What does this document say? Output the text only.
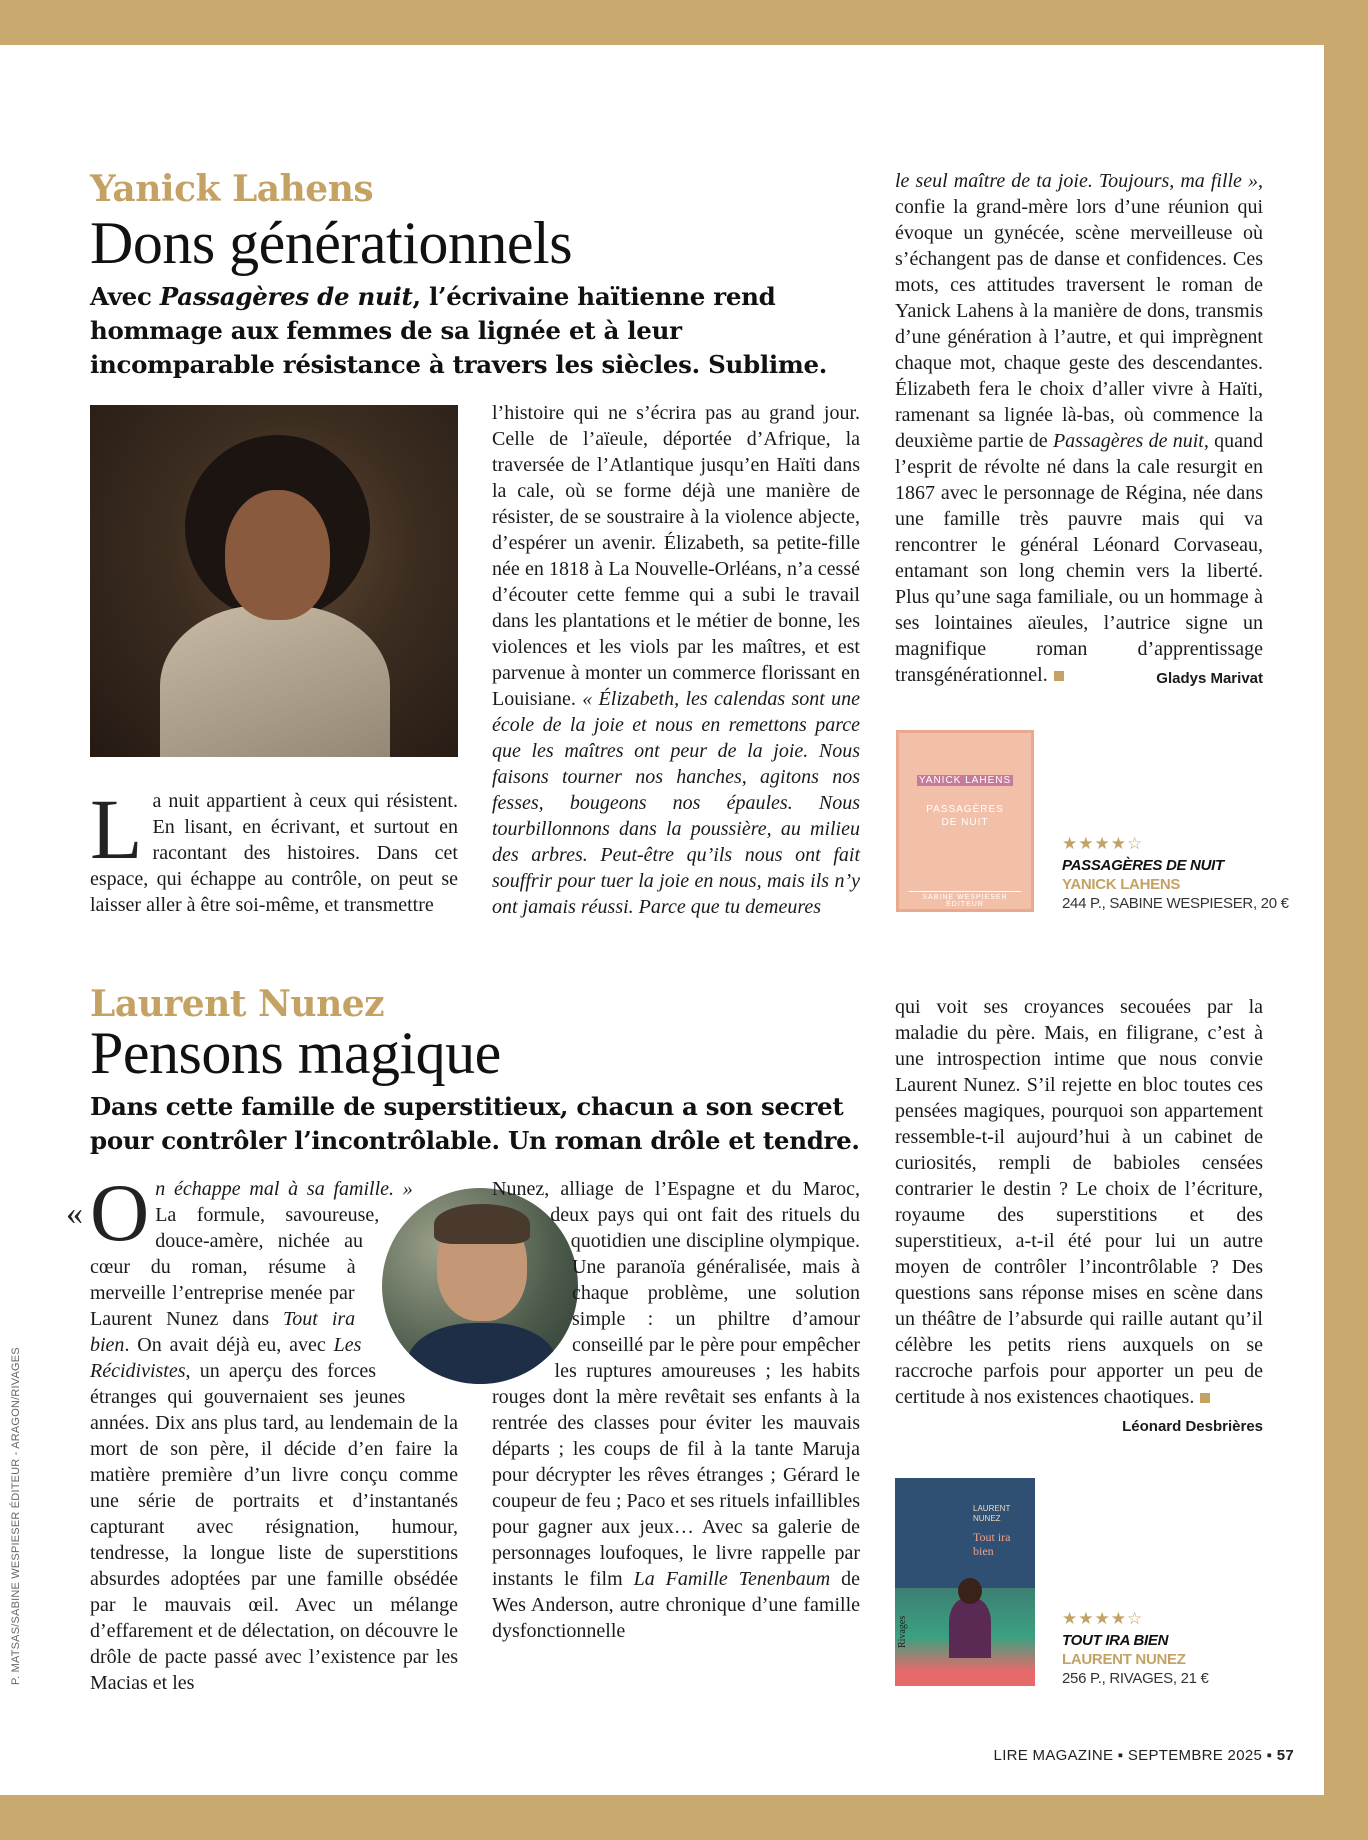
P. MATSAS/SABINE WESPIESER ÉDITEUR - ARAGON/RIVAGES
Yanick Lahens
Dons générationnels
Avec Passagères de nuit, l’écrivaine haïtienne rend hommage aux femmes de sa lignée et à leur incomparable résistance à travers les siècles. Sublime.
La nuit appartient à ceux qui résistent. En lisant, en écrivant, et surtout en racontant des histoires. Dans cet espace, qui échappe au contrôle, on peut se laisser aller à être soi-même, et transmettre
l’histoire qui ne s’écrira pas au grand jour. Celle de l’aïeule, déportée d’Afrique, la traversée de l’Atlantique jusqu’en Haïti dans la cale, où se forme déjà une manière de résister, de se soustraire à la violence abjecte, d’espérer un avenir. Élizabeth, sa petite-fille née en 1818 à La Nouvelle-Orléans, n’a cessé d’écouter cette femme qui a subi le travail dans les plantations et le métier de bonne, les violences et les viols par les maîtres, et est parvenue à monter un commerce florissant en Louisiane. « Élizabeth, les calendas sont une école de la joie et nous en remettons parce que les maîtres ont peur de la joie. Nous faisons tourner nos hanches, agitons nos fesses, bougeons nos épaules. Nous tourbillonnons dans la poussière, au milieu des arbres. Peut-être qu’ils nous ont fait souffrir pour tuer la joie en nous, mais ils n’y ont jamais réussi. Parce que tu demeures
le seul maître de ta joie. Toujours, ma fille », confie la grand-mère lors d’une réunion qui évoque un gynécée, scène merveilleuse où s’échangent pas de danse et confidences. Ces mots, ces attitudes traversent le roman de Yanick Lahens à la manière de dons, transmis d’une génération à l’autre, et qui imprègnent chaque mot, chaque geste des descendantes. Élizabeth fera le choix d’aller vivre à Haïti, ramenant sa lignée là-bas, où commence la deuxième partie de Passagères de nuit, quand l’esprit de révolte né dans la cale resurgit en 1867 avec le personnage de Régina, née dans une famille très pauvre mais qui va rencontrer le général Léonard Corvaseau, entamant son long chemin vers la liberté. Plus qu’une saga familiale, ou un hommage à ses lointaines aïeules, l’autrice signe un magnifique roman d’apprentissage transgénérationnel.	Gladys Marivat
YANICK LAHENS
PASSAGÈRES DE NUIT
SABINE WESPIESER ÉDITEUR
★★★★☆
PASSAGÈRES DE NUIT
YANICK LAHENS
244 P., SABINE WESPIESER, 20 €
Laurent Nunez
Pensons magique
Dans cette famille de superstitieux, chacun a son secret pour contrôler l’incontrôlable. Un roman drôle et tendre.
« On échappe mal à sa famille. » La formule, savoureuse, douce-amère, nichée au cœur du roman, résume à merveille l’entreprise menée par Laurent Nunez dans Tout ira bien. On avait déjà eu, avec Les Récidivistes, un aperçu des forces étranges qui gouvernaient ses jeunes années. Dix ans plus tard, au lendemain de la mort de son père, il décide d’en faire la matière première d’un livre conçu comme une série de portraits et d’instantanés capturant avec résignation, humour, tendresse, la longue liste de superstitions absurdes adoptées par une famille obsédée par le mauvais œil. Avec un mélange d’effarement et de délectation, on découvre le drôle de pacte passé avec l’existence par les Macias et les
Nunez, alliage de l’Espagne et du Maroc, deux pays qui ont fait des rituels du quotidien une discipline olympique. Une paranoïa généralisée, mais à chaque problème, une solution simple : un philtre d’amour conseillé par le père pour empêcher les ruptures amoureuses ; les habits rouges dont la mère revêtait ses enfants à la rentrée des classes pour éviter les mauvais départs ; les coups de fil à la tante Maruja pour décrypter les rêves étranges ; Gérard le coupeur de feu ; Paco et ses rituels infaillibles pour gagner aux jeux… Avec sa galerie de personnages loufoques, le livre rappelle par instants le film La Famille Tenenbaum de Wes Anderson, autre chronique d’une famille dysfonctionnelle
qui voit ses croyances secouées par la maladie du père. Mais, en filigrane, c’est à une introspection intime que nous convie Laurent Nunez. S’il rejette en bloc toutes ces pensées magiques, pourquoi son appartement ressemble-t-il aujourd’hui à un cabinet de curiosités, rempli de babioles censées contrarier le destin ? Le choix de l’écriture, royaume des superstitions et des superstitieux, a-t-il été pour lui un autre moyen de contrôler l’incontrôlable ? Des questions sans réponse mises en scène dans un théâtre de l’absurde qui raille autant qu’il célèbre les petits riens auxquels on se raccroche parfois pour apporter un peu de certitude à nos existences chaotiques.
Léonard Desbrières
LAURENT NUNEZ
Tout ira bien
Rivages	★★★★☆
TOUT IRA BIEN
LAURENT NUNEZ
256 P., RIVAGES, 21 €
LIRE MAGAZINE ▪ SEPTEMBRE 2025 ▪ 57
